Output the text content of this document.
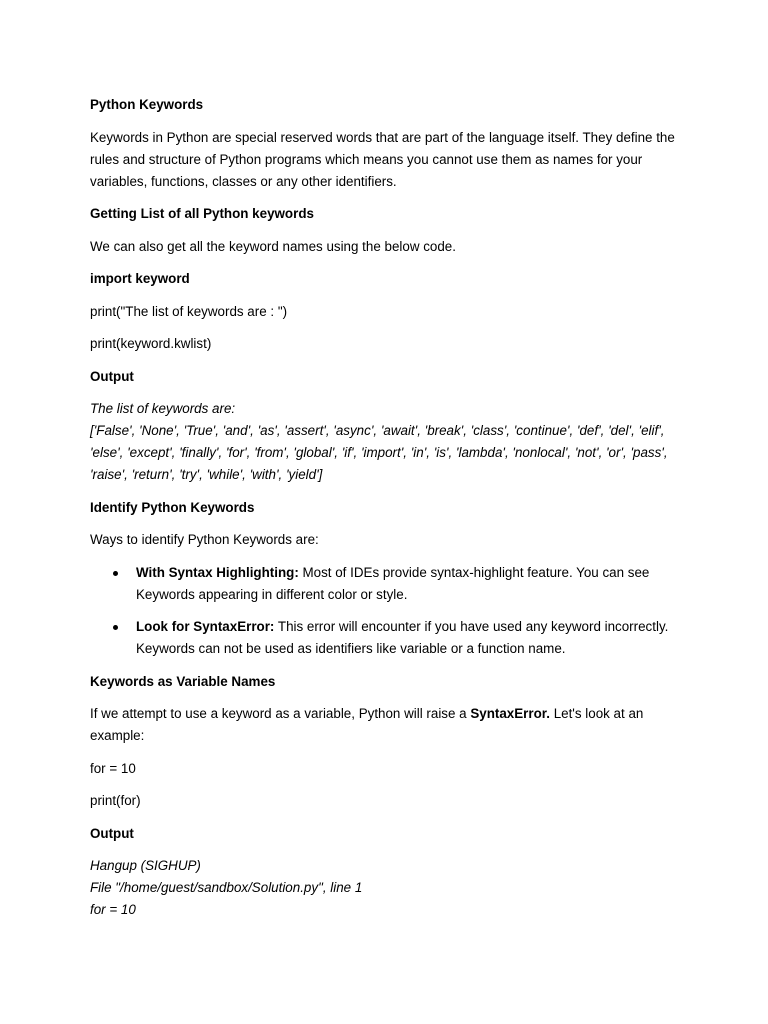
Python Keywords

Keywords in Python are special reserved words that are part of the language itself. They define the rules and structure of Python programs which means you cannot use them as names for your variables, functions, classes or any other identifiers.

Getting List of all Python keywords

We can also get all the keyword names using the below code.

import keyword

print("The list of keywords are : ")

print(keyword.kwlist)

Output

The list of keywords are:
['False', 'None', 'True', 'and', 'as', 'assert', 'async', 'await', 'break', 'class', 'continue', 'def', 'del', 'elif', 'else', 'except', 'finally', 'for', 'from', 'global', 'if', 'import', 'in', 'is', 'lambda', 'nonlocal', 'not', 'or', 'pass', 'raise', 'return', 'try', 'while', 'with', 'yield']

Identify Python Keywords

Ways to identify Python Keywords are:

With Syntax Highlighting: Most of IDEs provide syntax-highlight feature. You can see Keywords appearing in different color or style.
Look for SyntaxError: This error will encounter if you have used any keyword incorrectly. Keywords can not be used as identifiers like variable or a function name.

Keywords as Variable Names

If we attempt to use a keyword as a variable, Python will raise a SyntaxError. Let's look at an example:

for = 10

print(for)

Output

Hangup (SIGHUP)
File "/home/guest/sandbox/Solution.py", line 1
for = 10
